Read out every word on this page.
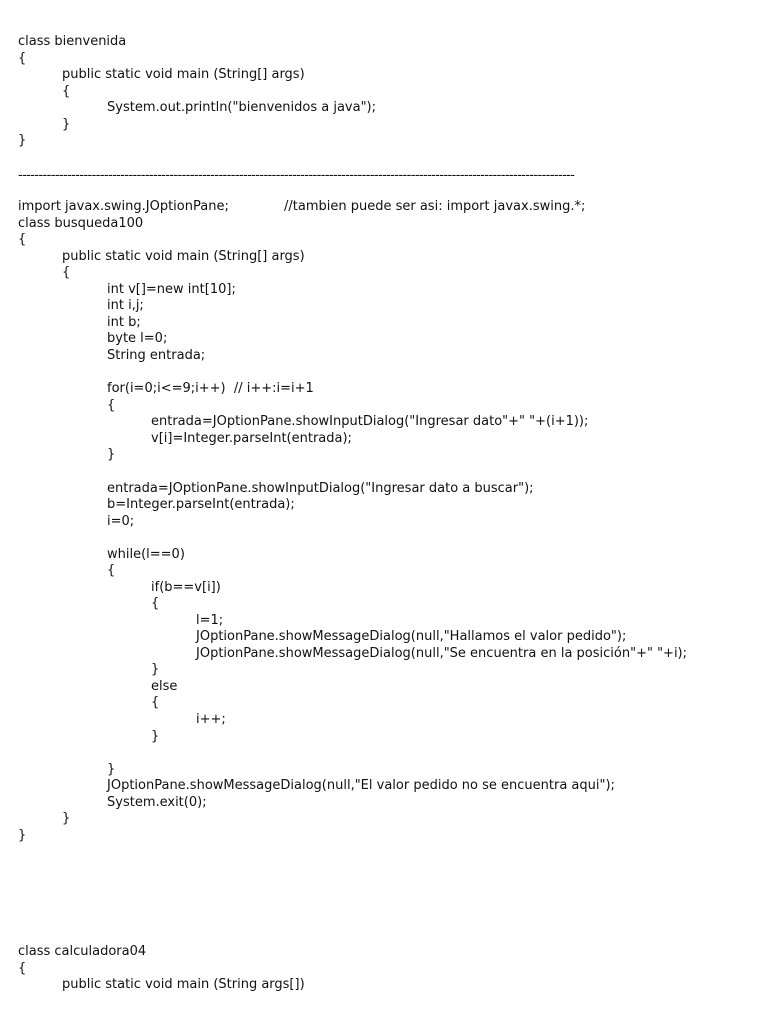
class bienvenida
{
public static void main (String[] args)
{
System.out.println("bienvenidos a java");
}
}
----------------------------------------------------------------------------------------------------------------------------------------
import javax.swing.JOptionPane;	//tambien puede ser asi: import javax.swing.*;
class busqueda100
{
public static void main (String[] args)
{
int v[]=new int[10];
int i,j;
int b;
byte l=0;
String entrada;
for(i=0;i<=9;i++)  // i++:i=i+1
{
entrada=JOptionPane.showInputDialog("Ingresar dato"+" "+(i+1));
v[i]=Integer.parseInt(entrada);
}
entrada=JOptionPane.showInputDialog("Ingresar dato a buscar");
b=Integer.parseInt(entrada);
i=0;
while(l==0)
{
if(b==v[i])
{
l=1;
JOptionPane.showMessageDialog(null,"Hallamos el valor pedido");
JOptionPane.showMessageDialog(null,"Se encuentra en la posición"+" "+i);
}
else
{
i++;
}
}
JOptionPane.showMessageDialog(null,"El valor pedido no se encuentra aqui");
System.exit(0);
}
}
class calculadora04
{
public static void main (String args[])
